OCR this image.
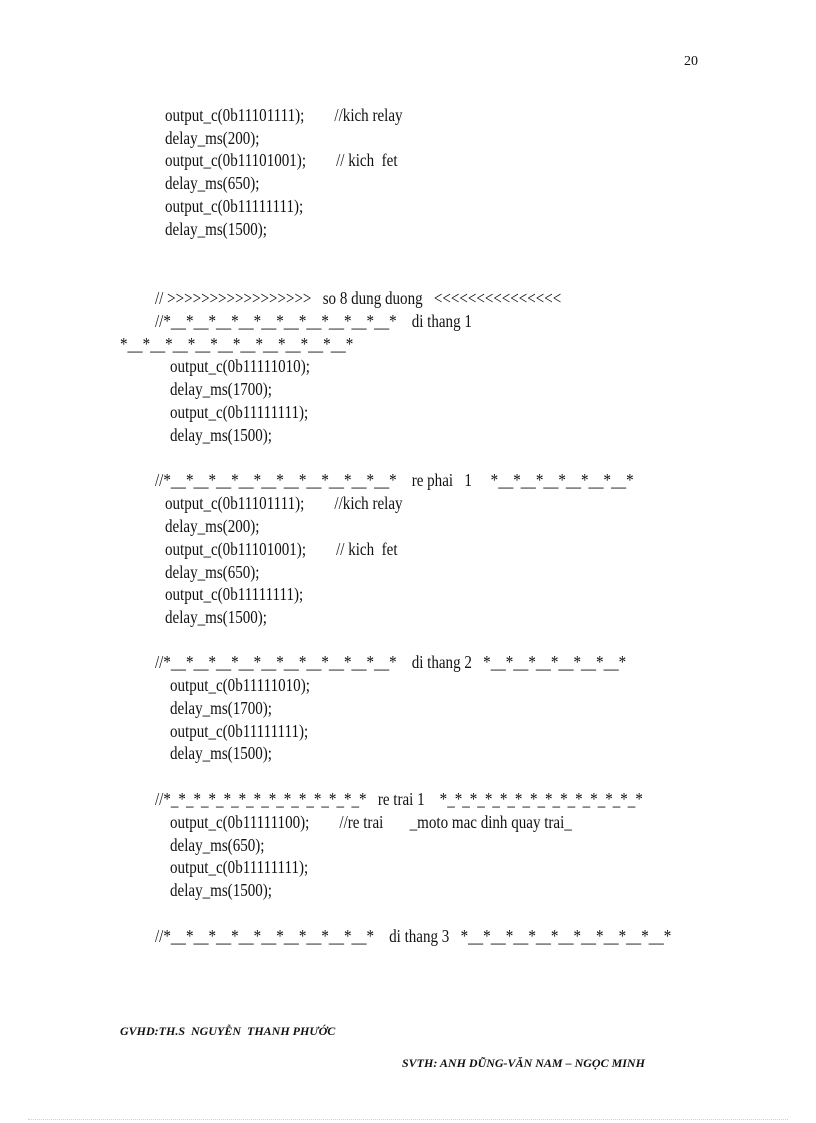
20
output_c(0b11101111);        //kich relay
delay_ms(200);
output_c(0b11101001);        // kich  fet
delay_ms(650);
output_c(0b11111111);
delay_ms(1500);
// >>>>>>>>>>>>>>>>>   so 8 dung duong   <<<<<<<<<<<<<<<
//*__*__*__*__*__*__*__*__*__*__*    di thang 1
*__*__*__*__*__*__*__*__*__*__*
output_c(0b11111010);
delay_ms(1700);
output_c(0b11111111);
delay_ms(1500);
//*__*__*__*__*__*__*__*__*__*__*    re phai   1     *__*__*__*__*__*__*
output_c(0b11101111);        //kich relay
delay_ms(200);
output_c(0b11101001);        // kich  fet
delay_ms(650);
output_c(0b11111111);
delay_ms(1500);
//*__*__*__*__*__*__*__*__*__*__*    di thang 2   *__*__*__*__*__*__*
output_c(0b11111010);
delay_ms(1700);
output_c(0b11111111);
delay_ms(1500);
//*_*_*_*_*_*_*_*_*_*_*_*_*_*   re trai 1    *_*_*_*_*_*_*_*_*_*_*_*_*_*
output_c(0b11111100);        //re trai       _moto mac dinh quay trai_
delay_ms(650);
output_c(0b11111111);
delay_ms(1500);
//*__*__*__*__*__*__*__*__*__*    di thang 3   *__*__*__*__*__*__*__*__*__*
GVHD:TH.S  NGUYỄN  THANH PHƯỚC
SVTH: ANH DŨNG-VĂN NAM – NGỌC MINH
